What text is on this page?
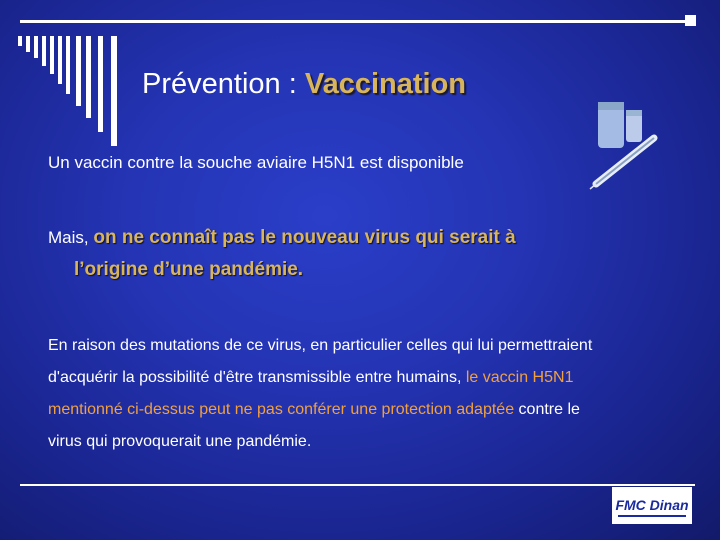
Prévention : Vaccination
Un vaccin contre la souche aviaire H5N1 est disponible
Mais, on ne connaît pas le nouveau virus qui serait à
l’origine d’une pandémie.
En raison des mutations de ce virus, en particulier celles qui lui permettraient d'acquérir la possibilité d'être transmissible entre humains, le vaccin H5N1 mentionné ci-dessus peut ne pas conférer une protection adaptée contre le virus qui provoquerait une pandémie.
FMC Dinan
